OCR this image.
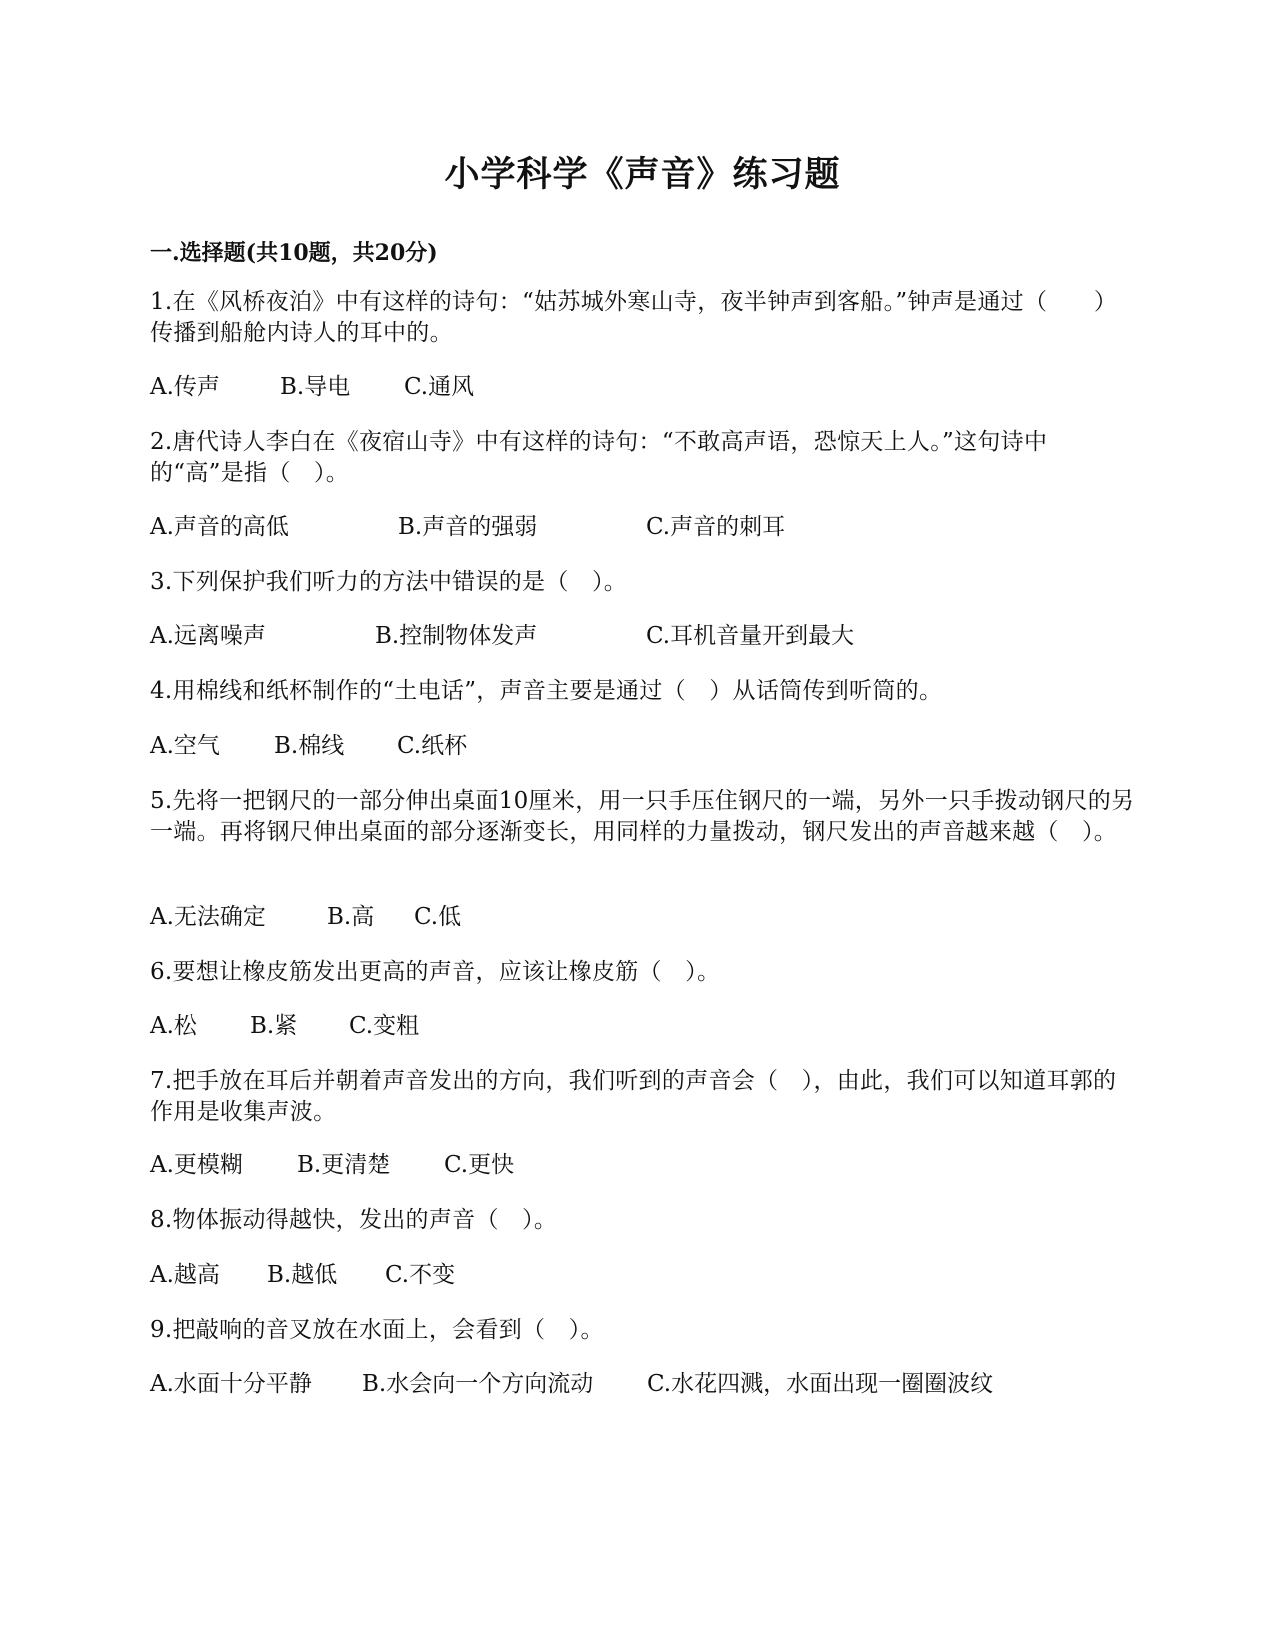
小学科学《声音》练习题
一.选择题(共10题，共20分)
1.在《风桥夜泊》中有这样的诗句：“姑苏城外寒山寺，夜半钟声到客船。”钟声是通过（　　）传播到船舱内诗人的耳中的。
A.传声	B.导电 C.通风
2.唐代诗人李白在《夜宿山寺》中有这样的诗句：“不敢高声语，恐惊天上人。”这句诗中的“高”是指（　）。
A.声音的高低	B.声音的强弱	C.声音的刺耳
3.下列保护我们听力的方法中错误的是（　）。
A.远离噪声	B.控制物体发声	C.耳机音量开到最大
4.用棉线和纸杯制作的“土电话”，声音主要是通过（　）从话筒传到听筒的。
A.空气 B.棉线 C.纸杯
5.先将一把钢尺的一部分伸出桌面10厘米，用一只手压住钢尺的一端，另外一只手拨动钢尺的另一端。再将钢尺伸出桌面的部分逐渐变长，用同样的力量拨动，钢尺发出的声音越来越（　）。
A.无法确定	B.高 C.低
6.要想让橡皮筋发出更高的声音，应该让橡皮筋（　）。
A.松 B.紧 C.变粗
7.把手放在耳后并朝着声音发出的方向，我们听到的声音会（　），由此，我们可以知道耳郭的作用是收集声波。
A.更模糊 B.更清楚 C.更快
8.物体振动得越快，发出的声音（　）。
A.越高 B.越低 C.不变
9.把敲响的音叉放在水面上，会看到（　）。
A.水面十分平静 B.水会向一个方向流动 C.水花四溅，水面出现一圈圈波纹
